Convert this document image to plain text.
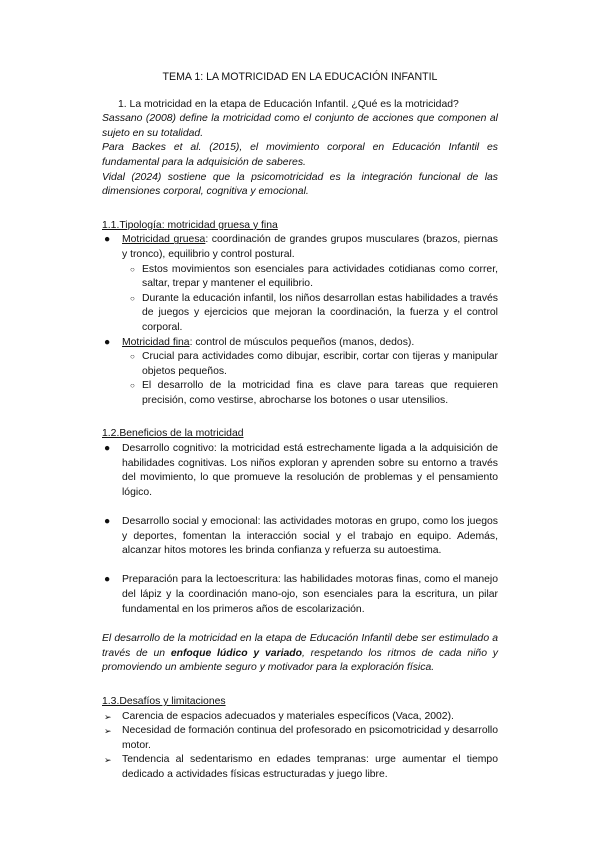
TEMA 1: LA MOTRICIDAD EN LA EDUCACIÓN INFANTIL

1. La motricidad en la etapa de Educación Infantil. ¿Qué es la motricidad?

Sassano (2008) define la motricidad como el conjunto de acciones que componen al sujeto en su totalidad.

Para Backes et al. (2015), el movimiento corporal en Educación Infantil es fundamental para la adquisición de saberes.

Vidal (2024) sostiene que la psicomotricidad es la integración funcional de las dimensiones corporal, cognitiva y emocional.

1.1.Tipología: motricidad gruesa y fina
● Motricidad gruesa: coordinación de grandes grupos musculares (brazos, piernas y tronco), equilibrio y control postural.
○ Estos movimientos son esenciales para actividades cotidianas como correr, saltar, trepar y mantener el equilibrio.
○ Durante la educación infantil, los niños desarrollan estas habilidades a través de juegos y ejercicios que mejoran la coordinación, la fuerza y el control corporal.
● Motricidad fina: control de músculos pequeños (manos, dedos).
○ Crucial para actividades como dibujar, escribir, cortar con tijeras y manipular objetos pequeños.
○ El desarrollo de la motricidad fina es clave para tareas que requieren precisión, como vestirse, abrocharse los botones o usar utensilios.
1.2.Beneficios de la motricidad
● Desarrollo cognitivo: la motricidad está estrechamente ligada a la adquisición de habilidades cognitivas. Los niños exploran y aprenden sobre su entorno a través del movimiento, lo que promueve la resolución de problemas y el pensamiento lógico.
● Desarrollo social y emocional: las actividades motoras en grupo, como los juegos y deportes, fomentan la interacción social y el trabajo en equipo. Además, alcanzar hitos motores les brinda confianza y refuerza su autoestima.
● Preparación para la lectoescritura: las habilidades motoras finas, como el manejo del lápiz y la coordinación mano-ojo, son esenciales para la escritura, un pilar fundamental en los primeros años de escolarización.

El desarrollo de la motricidad en la etapa de Educación Infantil debe ser estimulado a través de un enfoque lúdico y variado, respetando los ritmos de cada niño y promoviendo un ambiente seguro y motivador para la exploración física.

1.3.Desafíos y limitaciones
➢ Carencia de espacios adecuados y materiales específicos (Vaca, 2002).
➢ Necesidad de formación continua del profesorado en psicomotricidad y desarrollo motor.
➢ Tendencia al sedentarismo en edades tempranas: urge aumentar el tiempo dedicado a actividades físicas estructuradas y juego libre.
